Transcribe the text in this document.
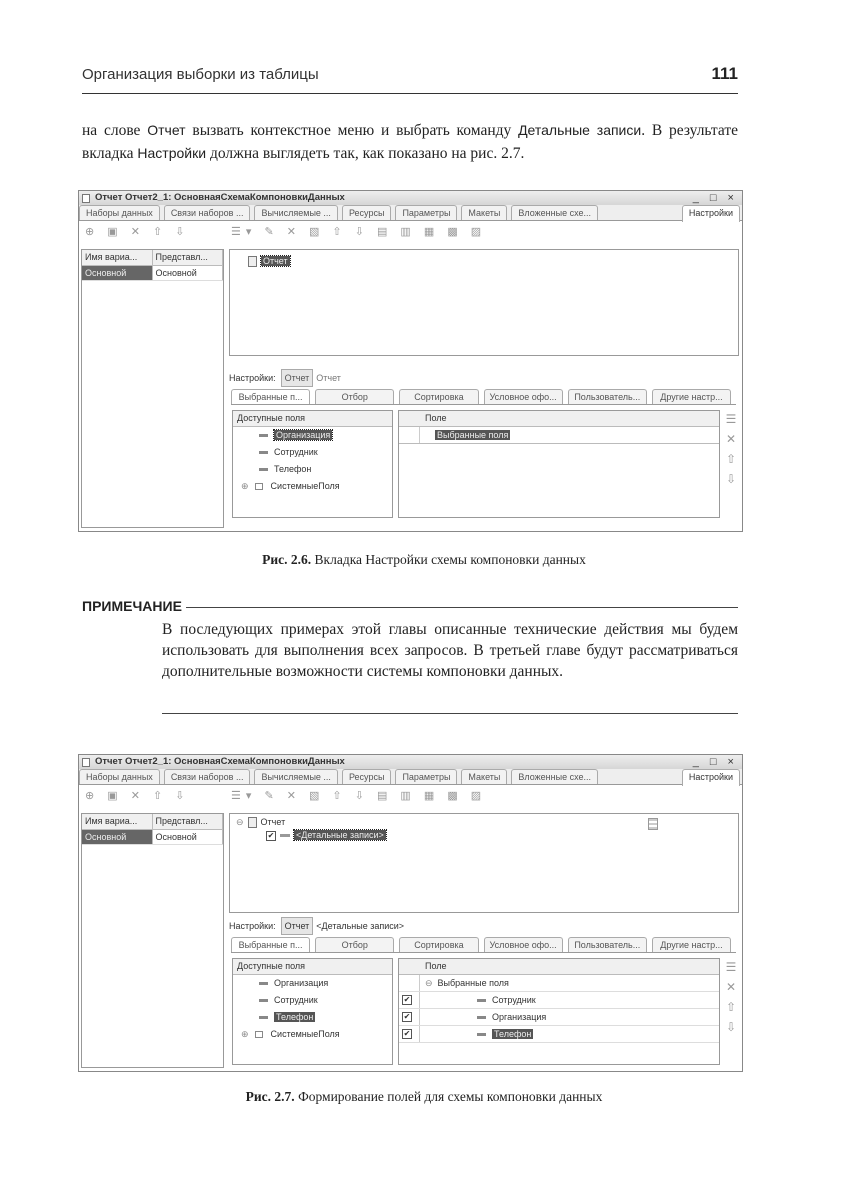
Организация выборки из таблицы	111

на слове Отчет вызвать контекстное меню и выбрать команду Детальные записи. В результате вкладка Настройки должна выглядеть так, как показано на рис. 2.7.

Отчет Отчет2_1: ОсновнаяСхемаКомпоновкиДанных	_ □ ×
Наборы данных	Связи наборов ...	Вычисляемые ...	Ресурсы	Параметры	Макеты	Вложенные схе...	Настройки
⊕ ▣ ✕ ⇧ ⇩	☰▾ ✎ ✕ ▧ ⇧ ⇩ ▤ ▥ ▦ ▩ ▨
Имя вариа...	Представл...
Основной	Основной
Отчет
Настройки: Отчет Отчет
Выбранные п...	Отбор	Сортировка	Условное офо...	Пользователь...	Другие настр...
Доступные поля
Организация
Сотрудник
Телефон
⊕ СистемныеПоля
Поле
Выбранные поля
☰
✕
⇧
⇩
Рис. 2.6. Вкладка Настройки схемы компоновки данных
ПРИМЕЧАНИЕ

В последующих примерах этой главы описанные технические действия мы будем использовать для выполнения всех запросов. В третьей главе будут рассматриваться дополнительные возможности системы компоновки данных.

Отчет Отчет2_1: ОсновнаяСхемаКомпоновкиДанных	_ □ ×
Наборы данных	Связи наборов ...	Вычисляемые ...	Ресурсы	Параметры	Макеты	Вложенные схе...	Настройки
⊕ ▣ ✕ ⇧ ⇩	☰▾ ✎ ✕ ▧ ⇧ ⇩ ▤ ▥ ▦ ▩ ▨
Имя вариа...	Представл...
Основной	Основной
⊖ Отчет
✔ <Детальные записи>
Настройки: Отчет <Детальные записи>
Выбранные п...	Отбор	Сортировка	Условное офо...	Пользователь...	Другие настр...
Доступные поля
Организация
Сотрудник
Телефон
⊕ СистемныеПоля
Поле
⊖ Выбранные поля
✔	Сотрудник
✔	Организация
✔	Телефон
☰
✕
⇧
⇩
Рис. 2.7. Формирование полей для схемы компоновки данных
